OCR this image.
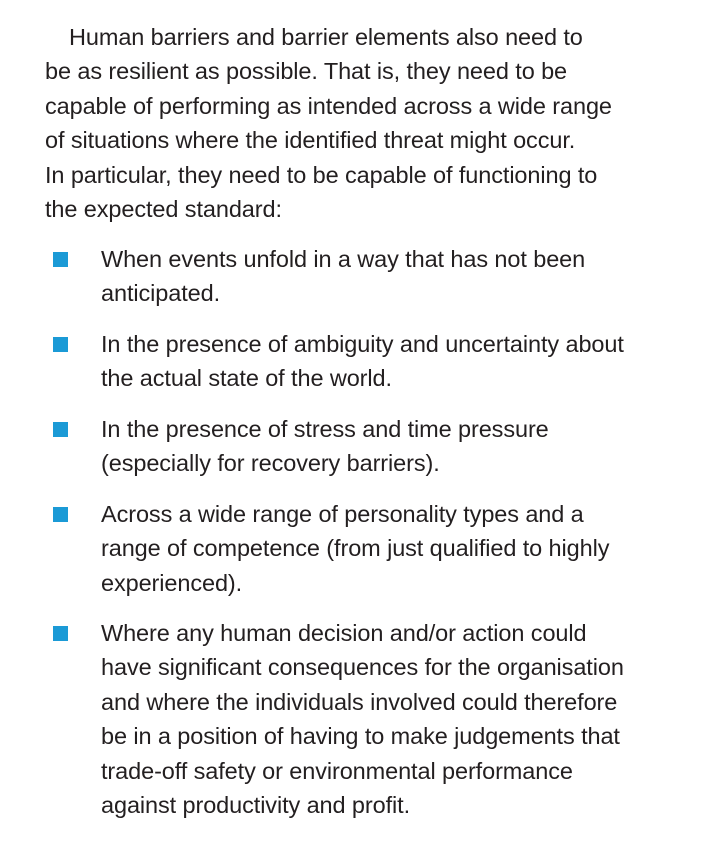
Human barriers and barrier elements also need to
be as resilient as possible. That is, they need to be
capable of performing as intended across a wide range
of situations where the identified threat might occur.
In particular, they need to be capable of functioning to
the expected standard:

When events unfold in a way that has not been
anticipated.

In the presence of ambiguity and uncertainty about
the actual state of the world.

In the presence of stress and time pressure
(especially for recovery barriers).

Across a wide range of personality types and a
range of competence (from just qualified to highly
experienced).

Where any human decision and/or action could
have significant consequences for the organisation
and where the individuals involved could therefore
be in a position of having to make judgements that
trade-off safety or environmental performance
against productivity and profit.
